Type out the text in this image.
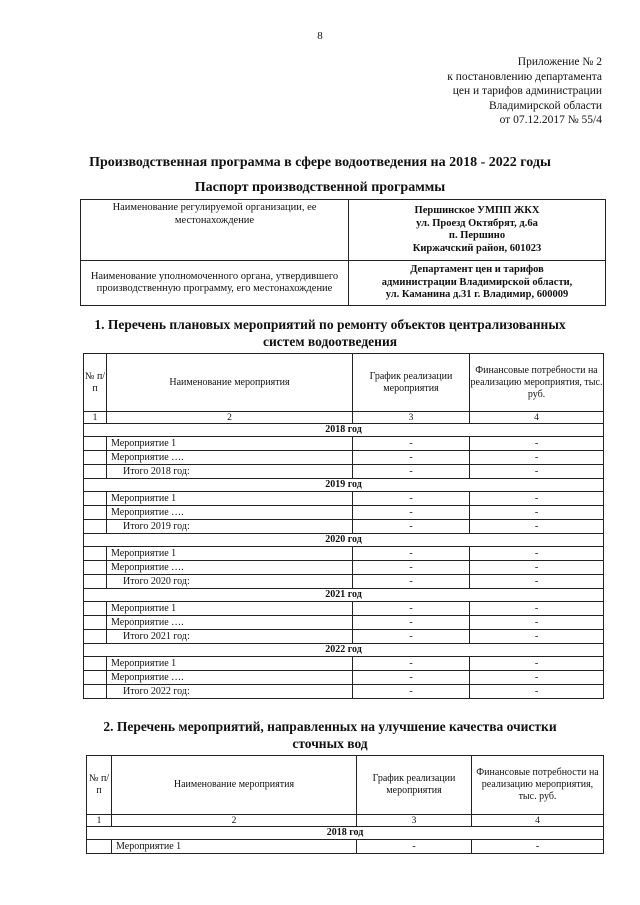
8
Приложение № 2
к постановлению департамента
цен и тарифов администрации
Владимирской области
от 07.12.2017 № 55/4
Производственная программа в сфере водоотведения на 2018 - 2022 годы
Паспорт производственной программы
Наименование регулируемой организации, ее местонахождение	Першинское УМПП ЖКХ
ул. Проезд Октябрят, д.6а
п. Першино
Киржачский район, 601023

Наименование уполномоченного органа, утвердившего производственную программу, его местонахождение	Департамент цен и тарифов
администрации Владимирской области,
ул. Каманина д.31 г. Владимир, 600009
1. Перечень плановых мероприятий по ремонту объектов централизованных
систем водоотведения
№ п/п	Наименование мероприятия	График реализации мероприятия	Финансовые потребности на реализацию мероприятия, тыс. руб.
1	2	3	4
2018 год			
	Мероприятие 1	-	-
	Мероприятие ….	-	-
	Итого 2018 год:	-	-
2019 год			
	Мероприятие 1	-	-
	Мероприятие ….	-	-
	Итого 2019 год:	-	-
2020 год			
	Мероприятие 1	-	-
	Мероприятие ….	-	-
	Итого 2020 год:	-	-
2021 год			
	Мероприятие 1	-	-
	Мероприятие ….	-	-
	Итого 2021 год:	-	-
2022 год			
	Мероприятие 1	-	-
	Мероприятие ….	-	-
	Итого 2022 год:	-	-
2. Перечень мероприятий, направленных на улучшение качества очистки
сточных вод
№ п/п	Наименование мероприятия	График реализации мероприятия	Финансовые потребности на реализацию мероприятия, тыс. руб.
1	2	3	4
2018 год			
	Мероприятие 1	-	-
